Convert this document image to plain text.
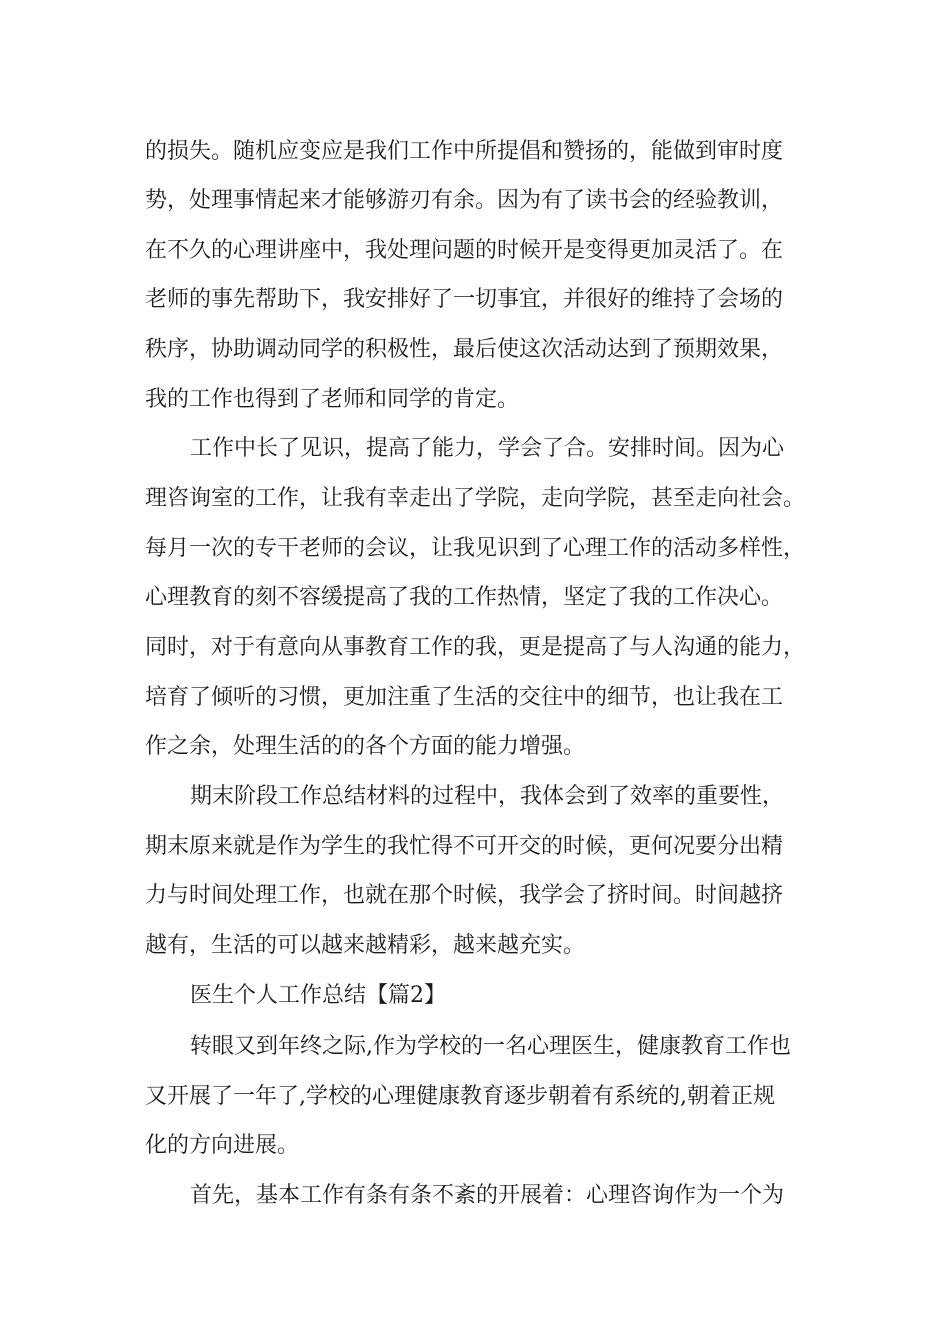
的损失。随机应变应是我们工作中所提倡和赞扬的，能做到审时度
势，处理事情起来才能够游刃有余。因为有了读书会的经验教训，
在不久的心理讲座中，我处理问题的时候开是变得更加灵活了。在
老师的事先帮助下，我安排好了一切事宜，并很好的维持了会场的
秩序，协助调动同学的积极性，最后使这次活动达到了预期效果，
我的工作也得到了老师和同学的肯定。
工作中长了见识，提高了能力，学会了合。安排时间。因为心
理咨询室的工作，让我有幸走出了学院，走向学院，甚至走向社会。
每月一次的专干老师的会议，让我见识到了心理工作的活动多样性，
心理教育的刻不容缓提高了我的工作热情，坚定了我的工作决心。
同时，对于有意向从事教育工作的我，更是提高了与人沟通的能力，
培育了倾听的习惯，更加注重了生活的交往中的细节，也让我在工
作之余，处理生活的的各个方面的能力增强。
期末阶段工作总结材料的过程中，我体会到了效率的重要性，
期末原来就是作为学生的我忙得不可开交的时候，更何况要分出精
力与时间处理工作，也就在那个时候，我学会了挤时间。时间越挤
越有，生活的可以越来越精彩，越来越充实。
医生个人工作总结【篇2】
转眼又到年终之际,作为学校的一名心理医生，健康教育工作也
又开展了一年了,学校的心理健康教育逐步朝着有系统的,朝着正规
化的方向进展。
首先，基本工作有条有条不紊的开展着：心理咨询作为一个为
